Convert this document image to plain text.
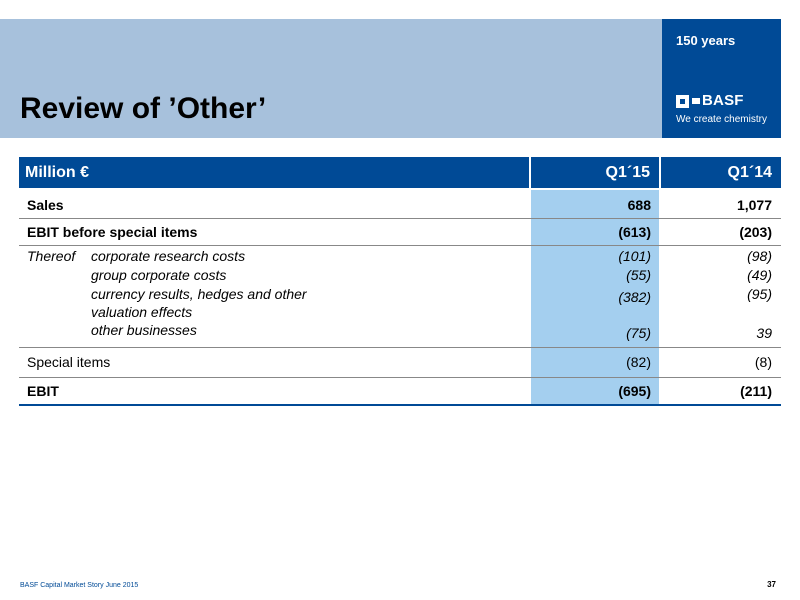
Review of ’Other’
150 years
BASF
We create chemistry
Million €	Q1´15	Q1´14
Sales	688	1,077
EBIT before special items	(613)	(203)
Thereof corporate research costs	(101)	(98)
group corporate costs	(55)	(49)
currency results, hedges and other	(382)	(95)
valuation effects
other businesses	(75)	39
Special items	(82)	(8)
EBIT	(695)	(211)
BASF Capital Market Story June 2015	37
